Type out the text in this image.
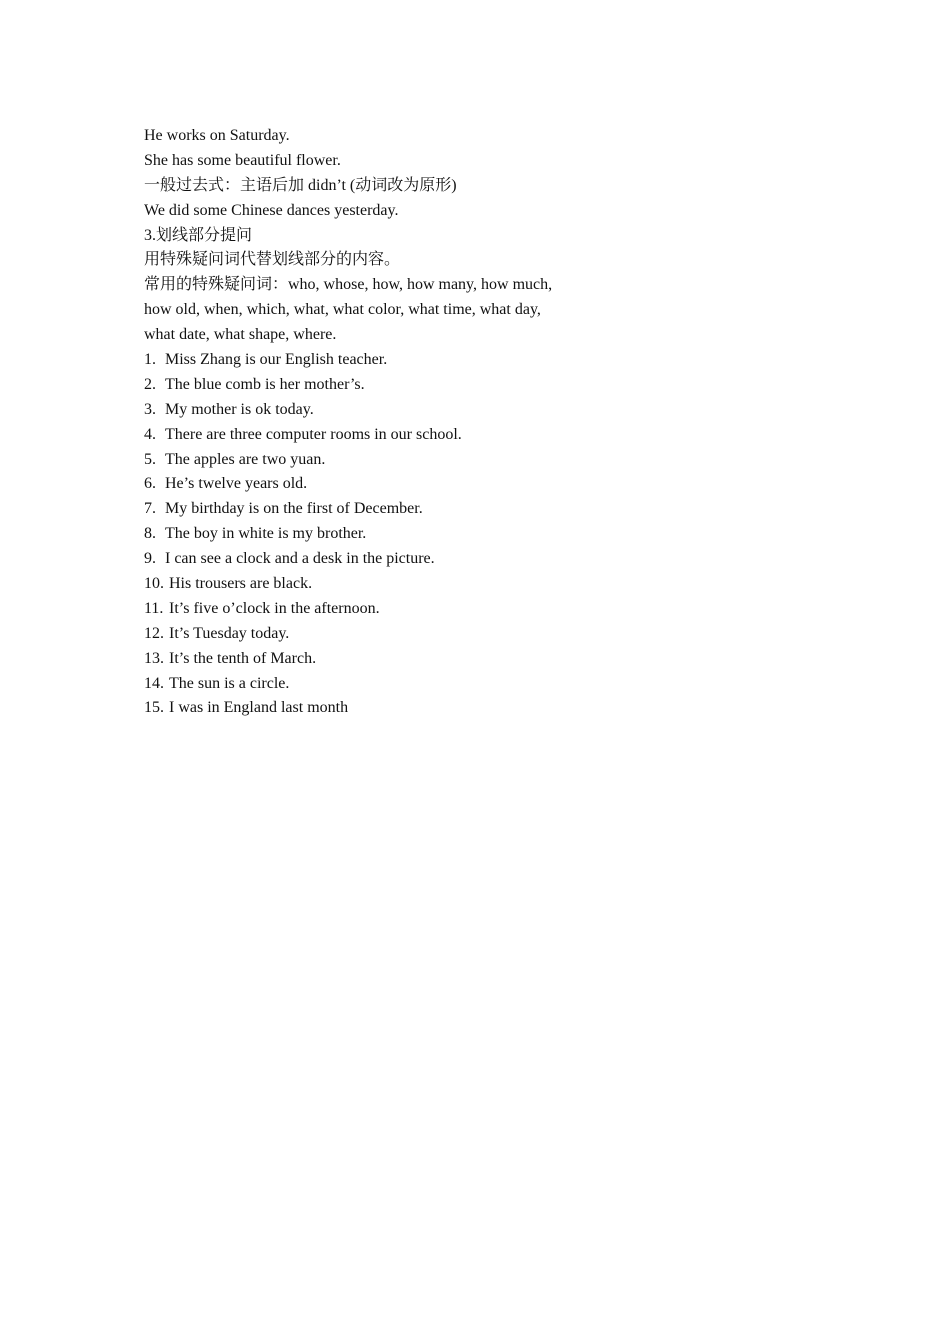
He works on Saturday.
She has some beautiful flower.
一般过去式：主语后加 didn’t (动词改为原形)
We did some Chinese dances yesterday.
3.划线部分提问
用特殊疑问词代替划线部分的内容。
常用的特殊疑问词：who, whose, how, how many, how much,
how old, when, which, what, what color, what time, what day,
what date, what shape, where.
1. Miss Zhang is our English teacher.
2. The blue comb is her mother’s.
3. My mother is ok today.
4. There are three computer rooms in our school.
5. The apples are two yuan.
6. He’s twelve years old.
7. My birthday is on the first of December.
8. The boy in white is my brother.
9. I can see a clock and a desk in the picture.
10. His trousers are black.
11. It’s five o’clock in the afternoon.
12. It’s Tuesday today.
13. It’s the tenth of March.
14. The sun is a circle.
15. I was in England last month
